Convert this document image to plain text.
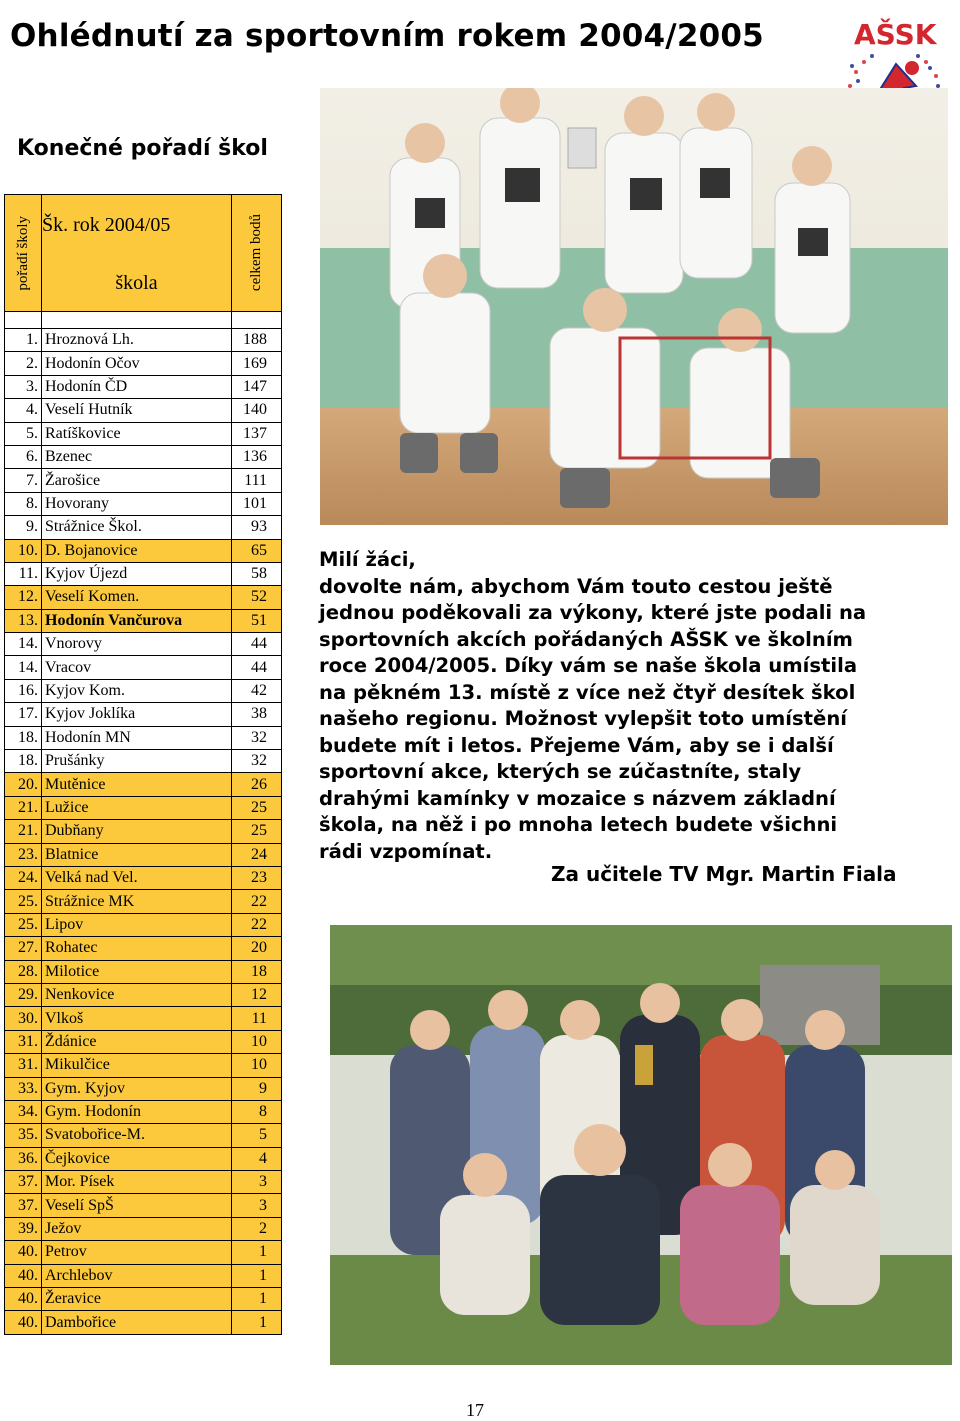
Ohlédnutí za sportovním rokem 2004/2005
Konečné pořadí škol
AŠSK
pořadí školy	Šk. rok 2004/05	celkem bodů

	škola	

1.	Hroznová Lh.	188
2.	Hodonín Očov	169
3.	Hodonín ČD	147
4.	Veselí Hutník	140
5.	Ratíškovice	137
6.	Bzenec	136
7.	Žarošice	111
8.	Hovorany	101
9.	Strážnice Škol.	93
10.	D. Bojanovice	65
11.	Kyjov Újezd	58
12.	Veselí Komen.	52
13.	Hodonín Vančurova	51
14.	Vnorovy	44
14.	Vracov	44
16.	Kyjov Kom.	42
17.	Kyjov Joklíka	38
18.	Hodonín MN	32
18.	Prušánky	32
20.	Mutěnice	26
21.	Lužice	25
21.	Dubňany	25
23.	Blatnice	24
24.	Velká nad Vel.	23
25.	Strážnice MK	22
25.	Lipov	22
27.	Rohatec	20
28.	Milotice	18
29.	Nenkovice	12
30.	Vlkoš	11
31.	Ždánice	10
31.	Mikulčice	10
33.	Gym. Kyjov	9
34.	Gym. Hodonín	8
35.	Svatobořice-M.	5
36.	Čejkovice	4
37.	Mor. Písek	3
37.	Veselí SpŠ	3
39.	Ježov	2
40.	Petrov	1
40.	Archlebov	1
40.	Žeravice	1
40.	Dambořice	1

Milí žáci,

dovolte nám, abychom Vám touto cestou ještě

jednou poděkovali za výkony, které jste podali na

sportovních akcích pořádaných AŠSK ve školním

roce 2004/2005. Díky vám se naše škola umístila

na pěkném 13. místě z více než čtyř desítek škol

našeho regionu. Možnost vylepšit toto umístění

budete mít i letos. Přejeme Vám, aby se i další

sportovní akce, kterých se zúčastníte, staly

drahými kamínky v mozaice s názvem základní

škola, na něž i po mnoha letech budete všichni

rádi vzpomínat.

Za učitele TV Mgr. Martin Fiala

17
